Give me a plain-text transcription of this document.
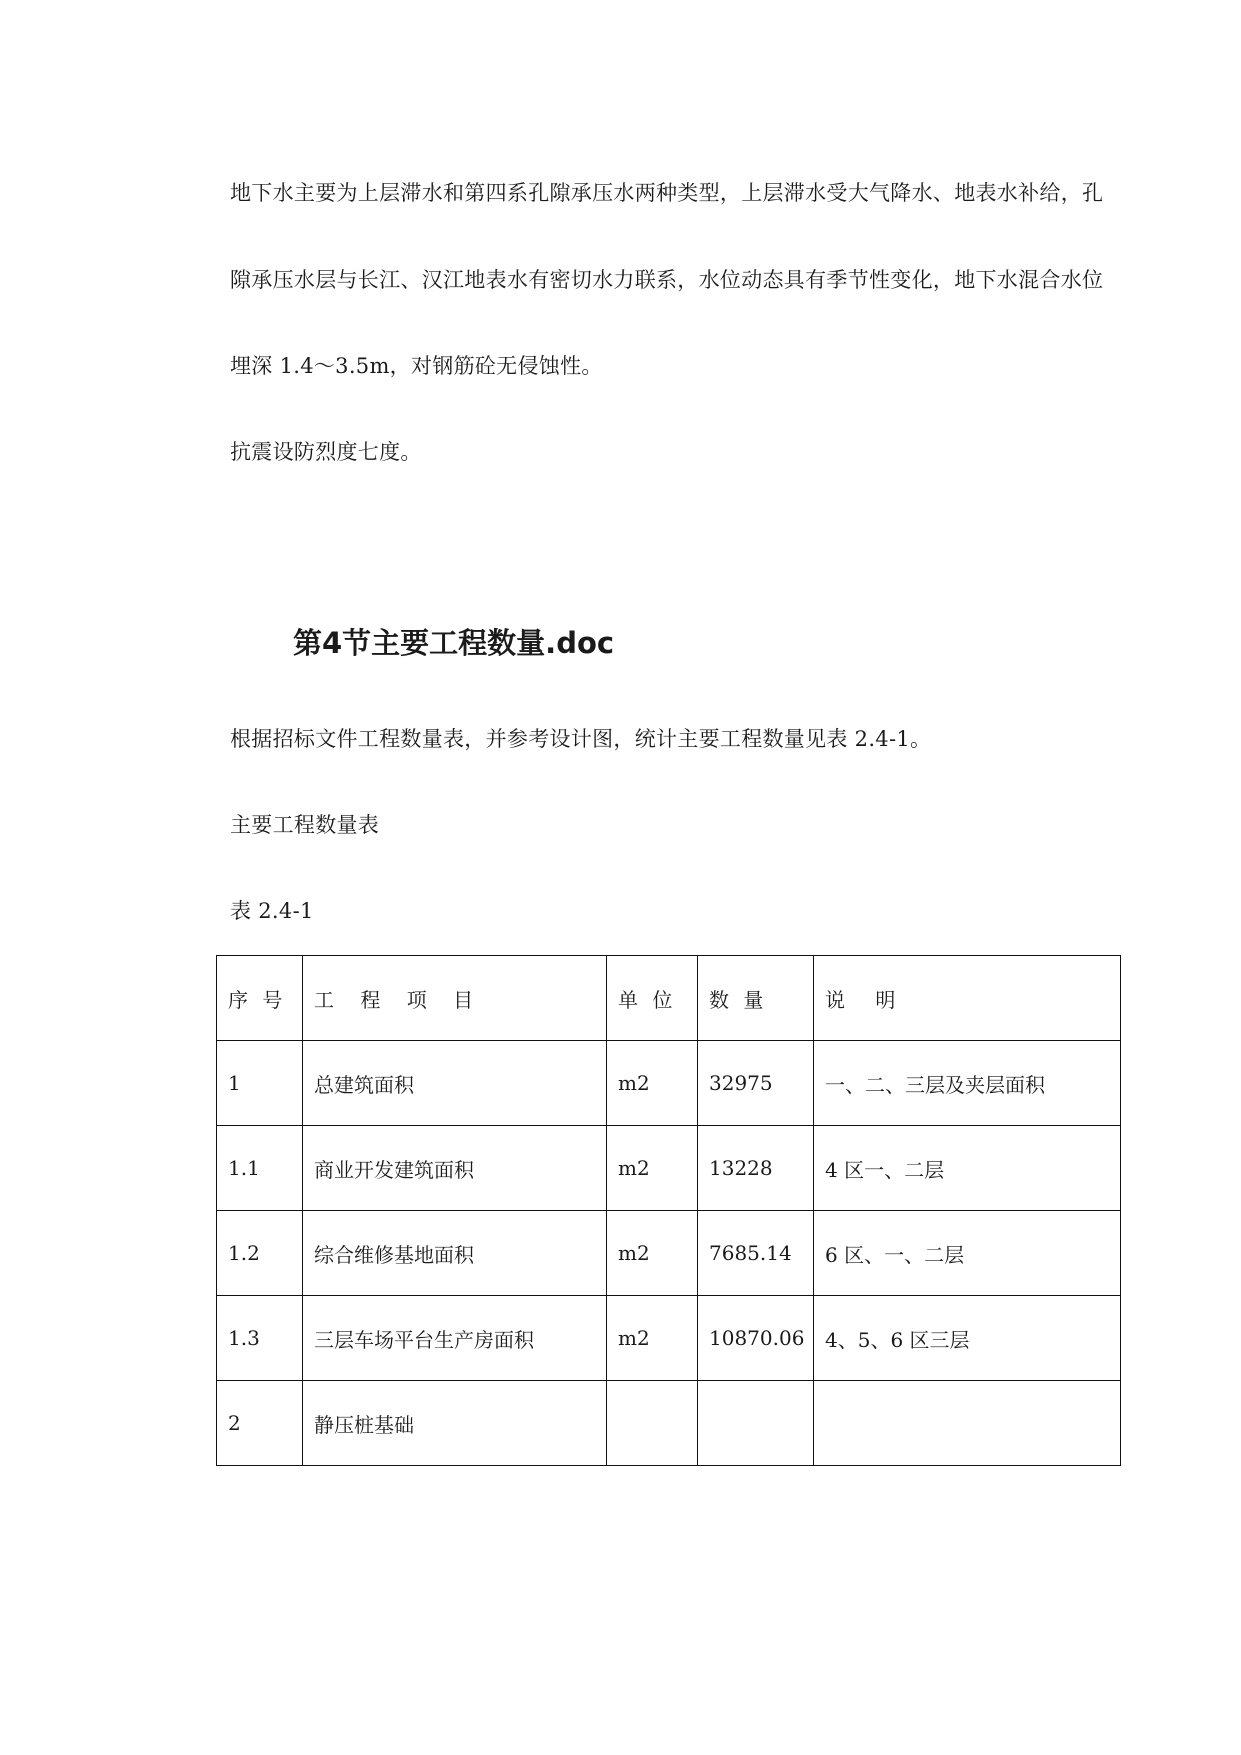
地下水主要为上层滞水和第四系孔隙承压水两种类型，上层滞水受大气降水、地表水补给，孔

隙承压水层与长江、汉江地表水有密切水力联系，水位动态具有季节性变化，地下水混合水位

埋深 1.4～3.5m，对钢筋砼无侵蚀性。

抗震设防烈度七度。

第4节主要工程数量.doc

根据招标文件工程数量表，并参考设计图，统计主要工程数量见表 2.4-1。

主要工程数量表

表 2.4-1

序 号	工 程 项 目	单 位	数 量	说 明
1	总建筑面积	m2	32975	一、二、三层及夹层面积
1.1	商业开发建筑面积	m2	13228	4 区一、二层
1.2	综合维修基地面积	m2	7685.14	6 区、一、二层
1.3	三层车场平台生产房面积	m2	10870.06	4、5、6 区三层
2	静压桩基础			
